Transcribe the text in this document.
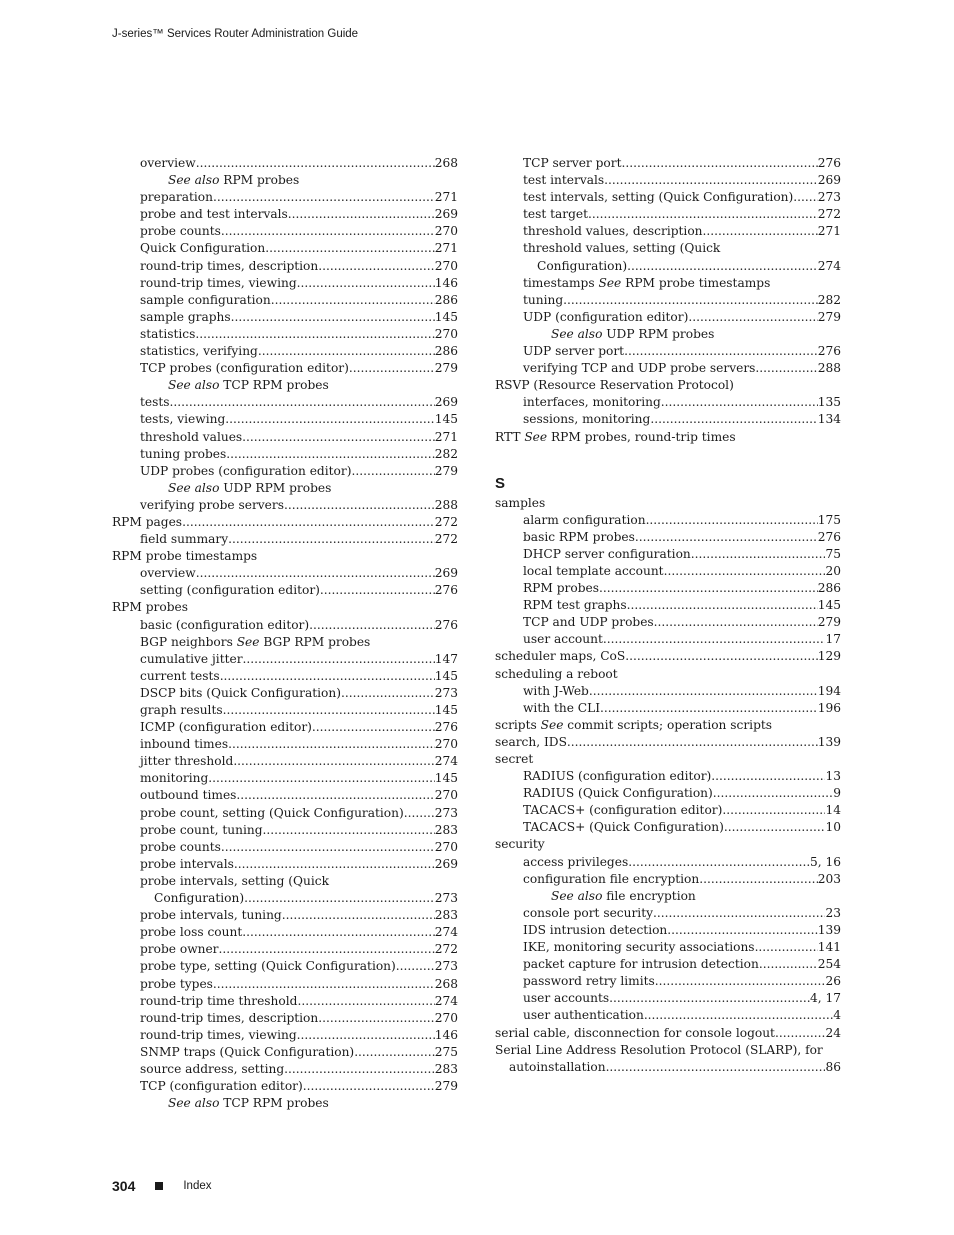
J-series™ Services Router Administration Guide
overview .....	268
See also RPM probes
preparation .....	271
probe and test intervals .....	269
probe counts .....	270
Quick Configuration .....	271
round-trip times, description .....	270
round-trip times, viewing .....	146
sample configuration .....	286
sample graphs .....	145
statistics .....	270
statistics, verifying .....	286
TCP probes (configuration editor) .....	279
See also TCP RPM probes
tests .....	269
tests, viewing .....	145
threshold values .....	271
tuning probes .....	282
UDP probes (configuration editor) .....	279
See also UDP RPM probes
verifying probe servers .....	288
RPM pages .....	272
field summary .....	272
RPM probe timestamps
overview .....	269
setting (configuration editor) .....	276
RPM probes
basic (configuration editor) .....	276
BGP neighbors See BGP RPM probes
cumulative jitter .....	147
current tests .....	145
DSCP bits (Quick Configuration) .....	273
graph results .....	145
ICMP (configuration editor) .....	276
inbound times .....	270
jitter threshold .....	274
monitoring .....	145
outbound times .....	270
probe count, setting (Quick Configuration) .....	273
probe count, tuning .....	283
probe counts .....	270
probe intervals .....	269
probe intervals, setting (Quick
Configuration) .....	273
probe intervals, tuning .....	283
probe loss count .....	274
probe owner .....	272
probe type, setting (Quick Configuration) .....	273
probe types .....	268
round-trip time threshold .....	274
round-trip times, description .....	270
round-trip times, viewing .....	146
SNMP traps (Quick Configuration) .....	275
source address, setting .....	283
TCP (configuration editor) .....	279
See also TCP RPM probes
TCP server port .....	276
test intervals .....	269
test intervals, setting (Quick Configuration) ..... 273
test target .....	272
threshold values, description .....	271
threshold values, setting (Quick
Configuration) .....	274
timestamps See RPM probe timestamps
tuning .....	282
UDP (configuration editor) .....	279
See also UDP RPM probes
UDP server port .....	276
verifying TCP and UDP probe servers .....	288
RSVP (Resource Reservation Protocol)
interfaces, monitoring .....	135
sessions, monitoring .....	134
RTT See RPM probes, round-trip times
S
samples
alarm configuration .....	175
basic RPM probes .....	276
DHCP server configuration .....	75
local template account .....	20
RPM probes .....	286
RPM test graphs .....	145
TCP and UDP probes .....	279
user account .....	17
scheduler maps, CoS .....	129
scheduling a reboot
with J-Web .....	194
with the CLI .....	196
scripts See commit scripts; operation scripts
search, IDS .....	139
secret
RADIUS (configuration editor) .....	13
RADIUS (Quick Configuration) .....	9
TACACS+ (configuration editor) .....	14
TACACS+ (Quick Configuration) .....	10
security
access privileges .....	5, 16
configuration file encryption .....	203
See also file encryption
console port security .....	23
IDS intrusion detection .....	139
IKE, monitoring security associations .....	141
packet capture for intrusion detection .....	254
password retry limits .....	26
user accounts .....	4, 17
user authentication .....	4
serial cable, disconnection for console logout .....	24
Serial Line Address Resolution Protocol (SLARP), for
autoinstallation .....	86
304	Index
